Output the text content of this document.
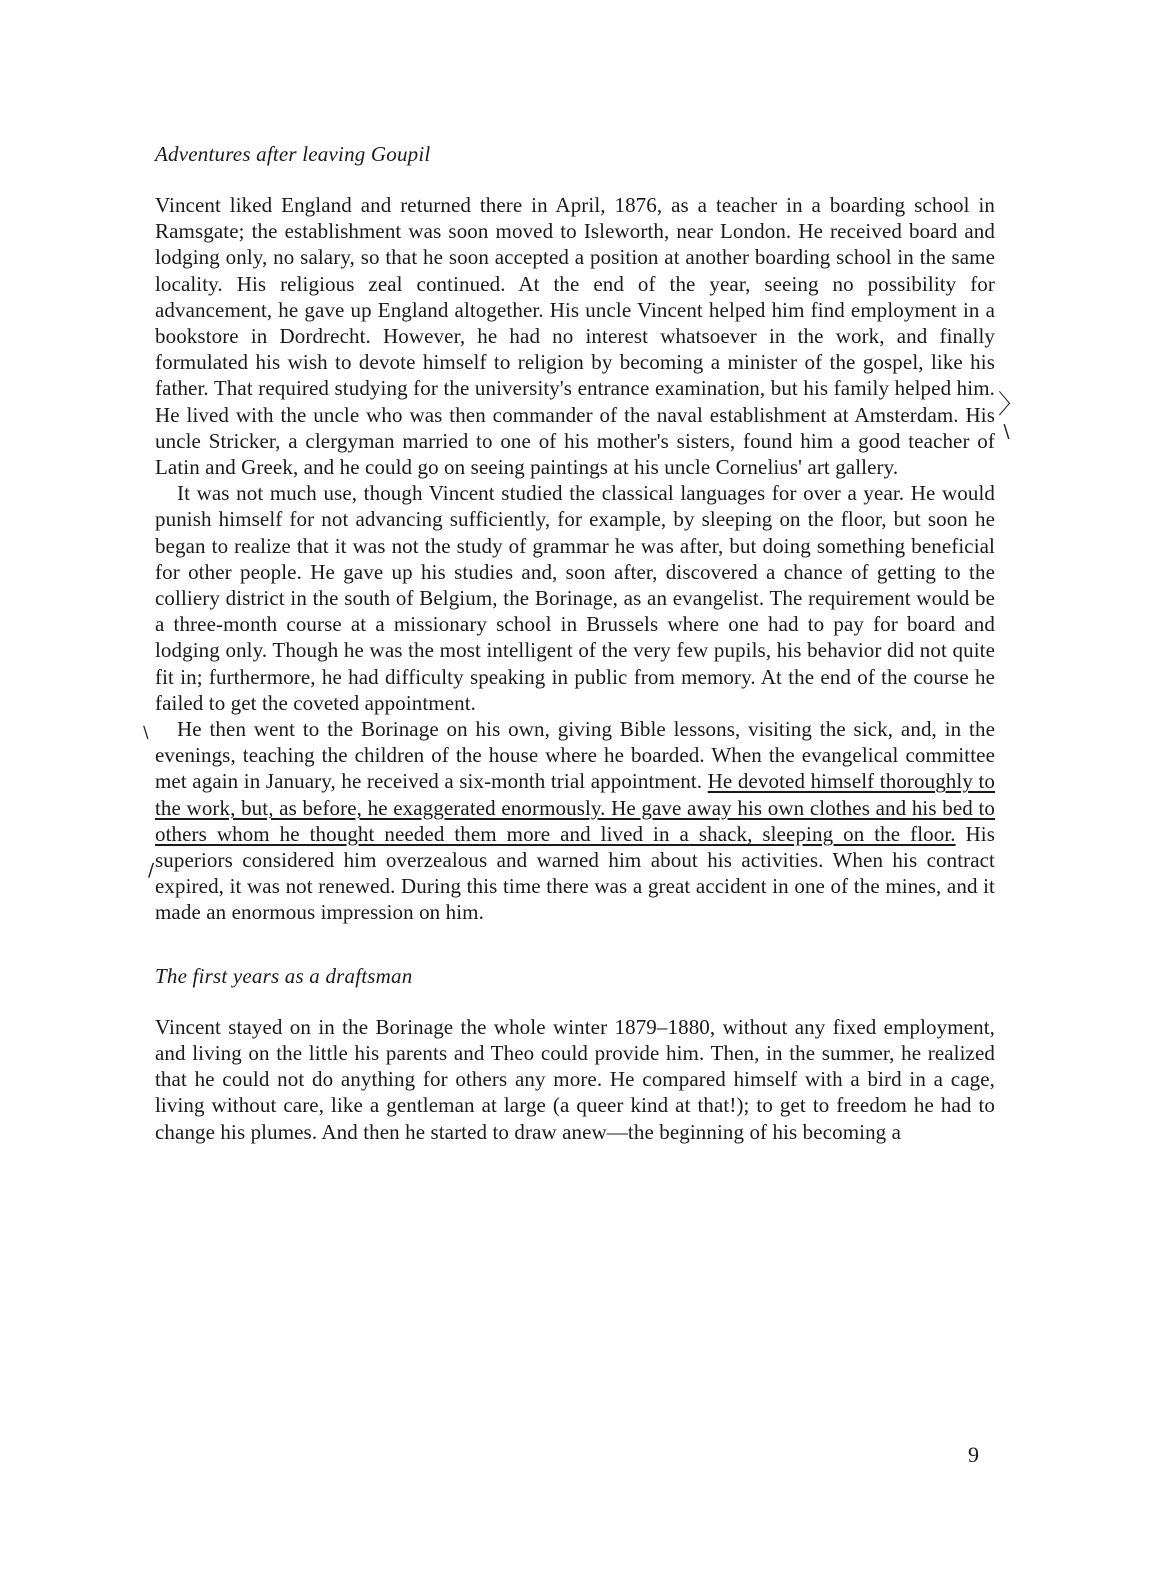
Adventures after leaving Goupil

Vincent liked England and returned there in April, 1876, as a teacher in a boarding school in Ramsgate; the establishment was soon moved to Isleworth, near London. He received board and lodging only, no salary, so that he soon accepted a position at another boarding school in the same locality. His religious zeal continued. At the end of the year, seeing no possibility for advancement, he gave up England altogether. His uncle Vincent helped him find employment in a bookstore in Dordrecht. However, he had no interest whatsoever in the work, and finally formulated his wish to devote himself to religion by becoming a minister of the gospel, like his father. That required studying for the university's entrance examination, but his family helped him. He lived with the uncle who was then commander of the naval establishment at Amsterdam. His uncle Stricker, a clergyman married to one of his mother's sisters, found him a good teacher of Latin and Greek, and he could go on seeing paintings at his uncle Cornelius' art gallery.

It was not much use, though Vincent studied the classical languages for over a year. He would punish himself for not advancing sufficiently, for example, by sleeping on the floor, but soon he began to realize that it was not the study of grammar he was after, but doing something beneficial for other people. He gave up his studies and, soon after, discovered a chance of getting to the colliery district in the south of Belgium, the Borinage, as an evangelist. The requirement would be a three-month course at a missionary school in Brussels where one had to pay for board and lodging only. Though he was the most intelligent of the very few pupils, his behavior did not quite fit in; furthermore, he had difficulty speaking in public from memory. At the end of the course he failed to get the coveted appointment.

He then went to the Borinage on his own, giving Bible lessons, visiting the sick, and, in the evenings, teaching the children of the house where he boarded. When the evangelical committee met again in January, he received a six-month trial appointment. He devoted himself thoroughly to the work, but, as before, he exaggerated enormously. He gave away his own clothes and his bed to others whom he thought needed them more and lived in a shack, sleeping on the floor. His superiors considered him overzealous and warned him about his activities. When his contract expired, it was not renewed. During this time there was a great accident in one of the mines, and it made an enormous impression on him.

The first years as a draftsman

Vincent stayed on in the Borinage the whole winter 1879–1880, without any fixed employment, and living on the little his parents and Theo could provide him. Then, in the summer, he realized that he could not do anything for others any more. He compared himself with a bird in a cage, living without care, like a gentleman at large (a queer kind at that!); to get to freedom he had to change his plumes. And then he started to draw anew—the beginning of his becoming a

〉
∖
∖
∕
9
